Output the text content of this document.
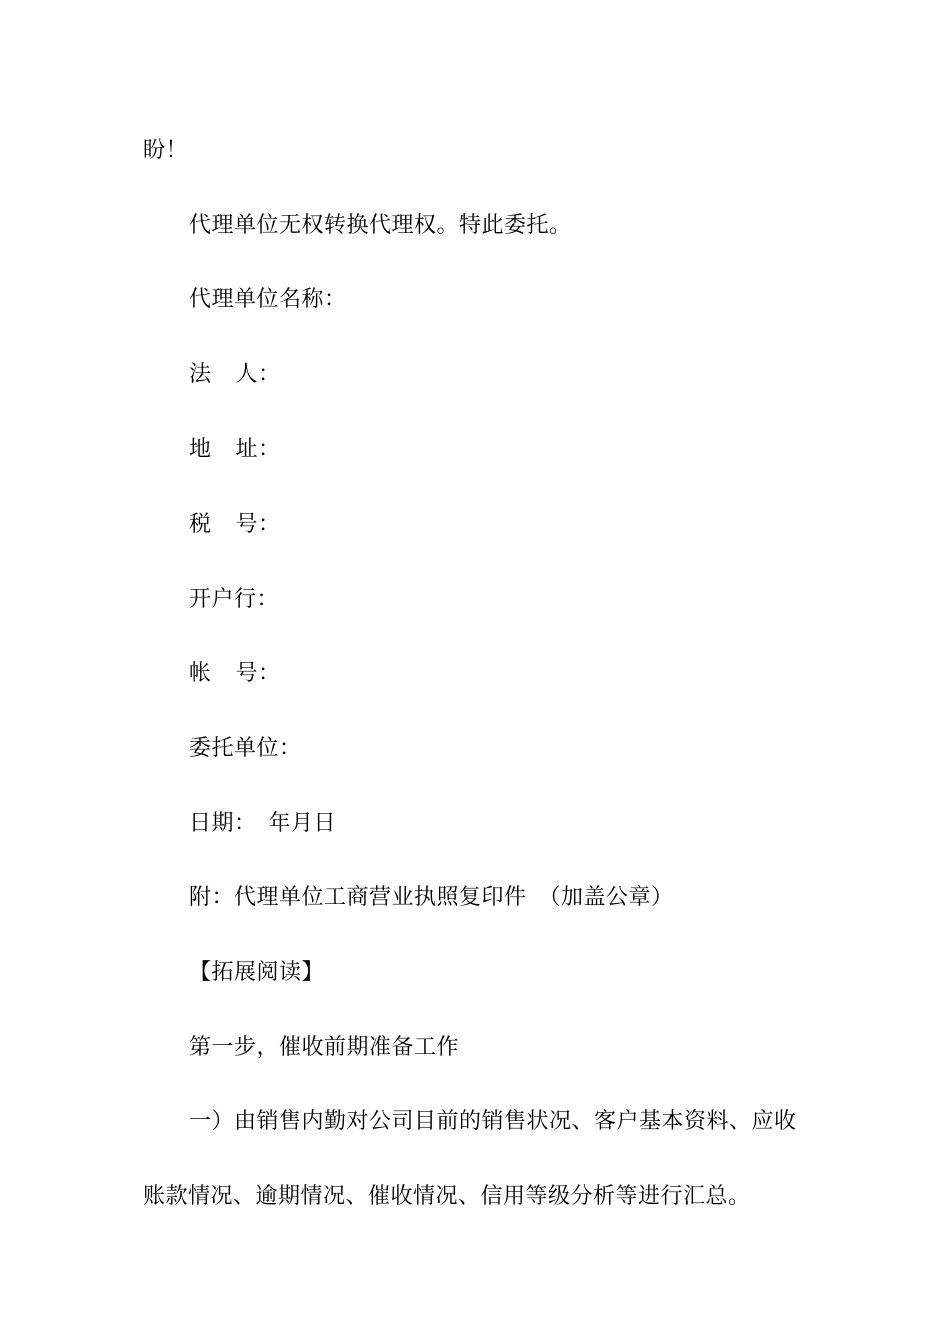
盼！
代理单位无权转换代理权。特此委托。
代理单位名称：
法 人：
地 址：
税 号：
开户行：
帐 号：
委托单位：
日期： 年月日
附：代理单位工商营业执照复印件 （加盖公章）
【拓展阅读】
第一步，催收前期准备工作
一）由销售内勤对公司目前的销售状况、客户基本资料、应收
账款情况、逾期情况、催收情况、信用等级分析等进行汇总。
